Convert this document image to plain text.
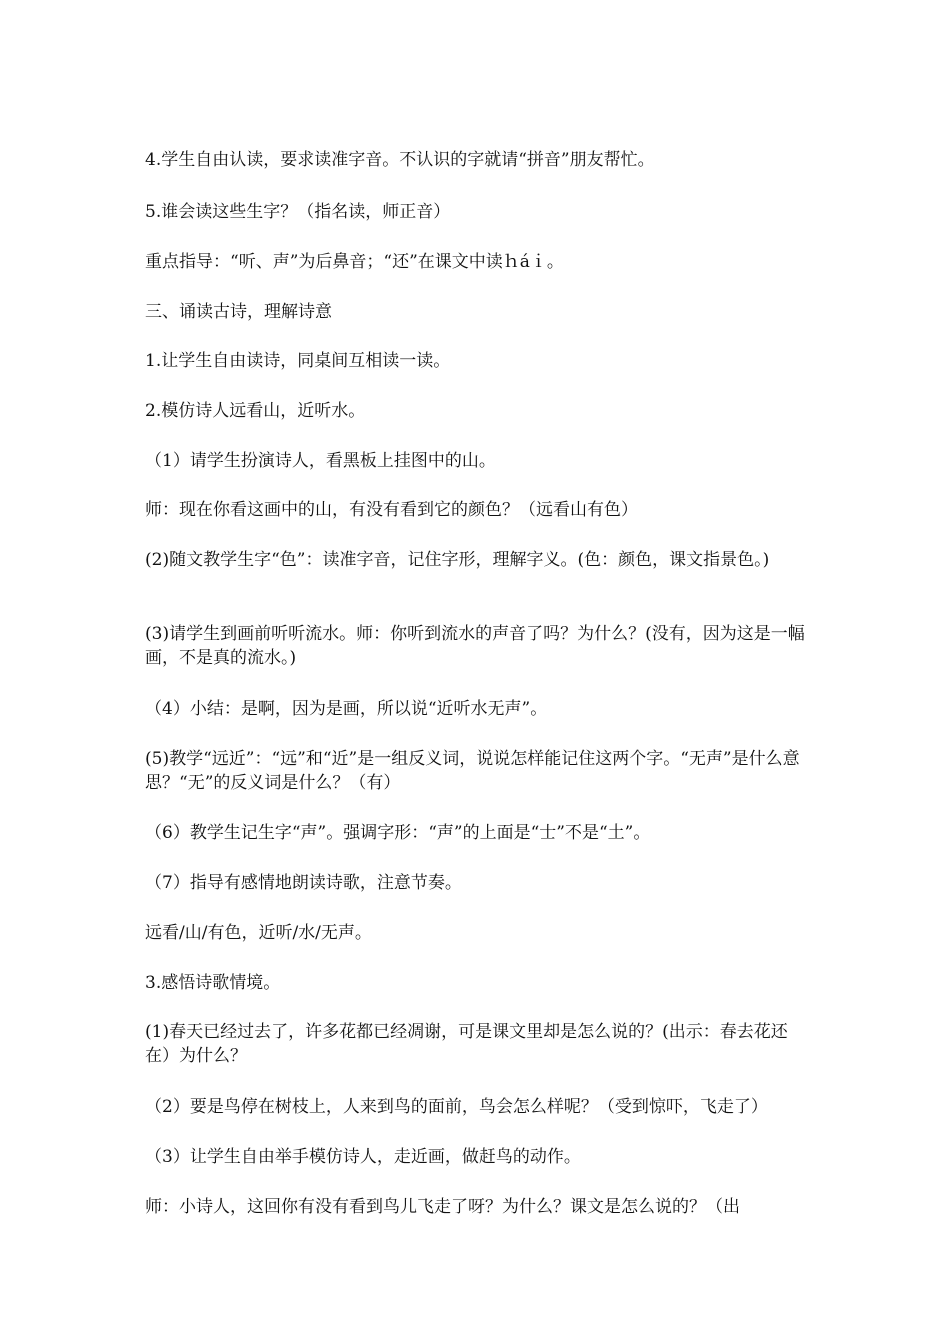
4.学生自由认读，要求读准字音。不认识的字就请“拼音”朋友帮忙。

5.谁会读这些生字？（指名读，师正音）

重点指导：“听、声”为后鼻音；“还”在课文中读ｈáｉ。

三、诵读古诗，理解诗意

1.让学生自由读诗，同桌间互相读一读。

2.模仿诗人远看山，近听水。

（1）请学生扮演诗人，看黑板上挂图中的山。

师：现在你看这画中的山，有没有看到它的颜色？（远看山有色）

(2)随文教学生字“色”：读准字音，记住字形，理解字义。(色：颜色，课文指景色。)

(3)请学生到画前听听流水。师：你听到流水的声音了吗？为什么？(没有，因为这是一幅画，不是真的流水。)

（4）小结：是啊，因为是画，所以说“近听水无声”。

(5)教学“远近”：“远”和“近”是一组反义词，说说怎样能记住这两个字。“无声”是什么意思？“无”的反义词是什么？（有）

（6）教学生记生字“声”。强调字形：“声”的上面是“士”不是“土”。

（7）指导有感情地朗读诗歌，注意节奏。

远看/山/有色，近听/水/无声。

3.感悟诗歌情境。

(1)春天已经过去了，许多花都已经凋谢，可是课文里却是怎么说的？(出示：春去花还在）为什么？

（2）要是鸟停在树枝上，人来到鸟的面前，鸟会怎么样呢？（受到惊吓，飞走了）

（3）让学生自由举手模仿诗人，走近画，做赶鸟的动作。

师：小诗人，这回你有没有看到鸟儿飞走了呀？为什么？课文是怎么说的？（出
